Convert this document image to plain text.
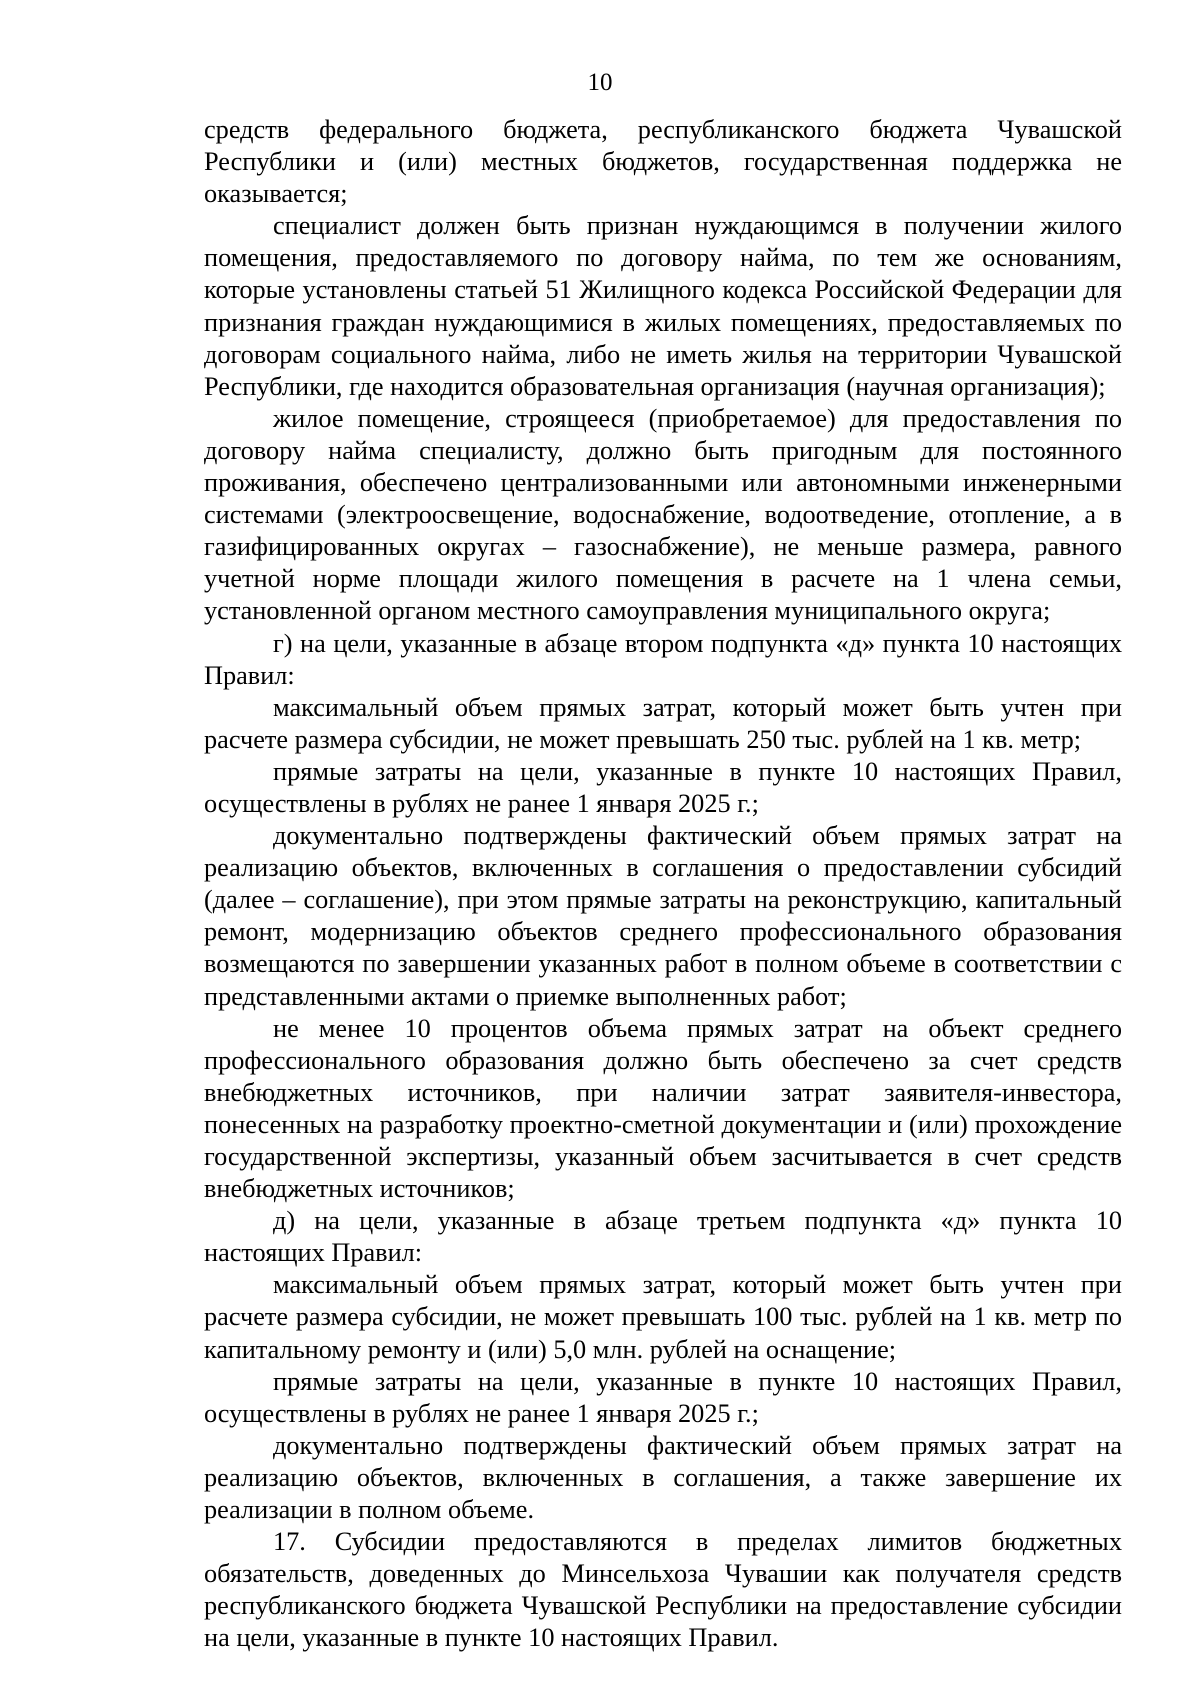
10

средств федерального бюджета, республиканского бюджета Чувашской Республики и (или) местных бюджетов, государственная поддержка не оказывается;

специалист должен быть признан нуждающимся в получении жилого помещения, предоставляемого по договору найма, по тем же основаниям, которые установлены статьей 51 Жилищного кодекса Российской Федерации для признания граждан нуждающимися в жилых помещениях, предоставляемых по договорам социального найма, либо не иметь жилья на территории Чувашской Республики, где находится образовательная организация (научная организация);

жилое помещение, строящееся (приобретаемое) для предоставления по договору найма специалисту, должно быть пригодным для постоянного проживания, обеспечено централизованными или автономными инженерными системами (электроосвещение, водоснабжение, водоотведение, отопление, а в газифицированных округах – газоснабжение), не меньше размера, равного учетной норме площади жилого помещения в расчете на 1 члена семьи, установленной органом местного самоуправления муниципального округа;

г) на цели, указанные в абзаце втором подпункта «д» пункта 10 настоящих Правил:

максимальный объем прямых затрат, который может быть учтен при расчете размера субсидии, не может превышать 250 тыс. рублей на 1 кв. метр;

прямые затраты на цели, указанные в пункте 10 настоящих Правил, осуществлены в рублях не ранее 1 января 2025 г.;

документально подтверждены фактический объем прямых затрат на реализацию объектов, включенных в соглашения о предоставлении субсидий (далее – соглашение), при этом прямые затраты на реконструкцию, капитальный ремонт, модернизацию объектов среднего профессионального образования возмещаются по завершении указанных работ в полном объеме в соответствии с представленными актами о приемке выполненных работ;

не менее 10 процентов объема прямых затрат на объект среднего профессионального образования должно быть обеспечено за счет средств внебюджетных источников, при наличии затрат заявителя-инвестора, понесенных на разработку проектно-сметной документации и (или) прохождение государственной экспертизы, указанный объем засчитывается в счет средств внебюджетных источников;

д) на цели, указанные в абзаце третьем подпункта «д» пункта 10 настоящих Правил:

максимальный объем прямых затрат, который может быть учтен при расчете размера субсидии, не может превышать 100 тыс. рублей на 1 кв. метр по капитальному ремонту и (или) 5,0 млн. рублей на оснащение;

прямые затраты на цели, указанные в пункте 10 настоящих Правил, осуществлены в рублях не ранее 1 января 2025 г.;

документально подтверждены фактический объем прямых затрат на реализацию объектов, включенных в соглашения, а также завершение их реализации в полном объеме.

17. Субсидии предоставляются в пределах лимитов бюджетных обязательств, доведенных до Минсельхоза Чувашии как получателя средств республиканского бюджета Чувашской Республики на предоставление субсидии на цели, указанные в пункте 10 настоящих Правил.
